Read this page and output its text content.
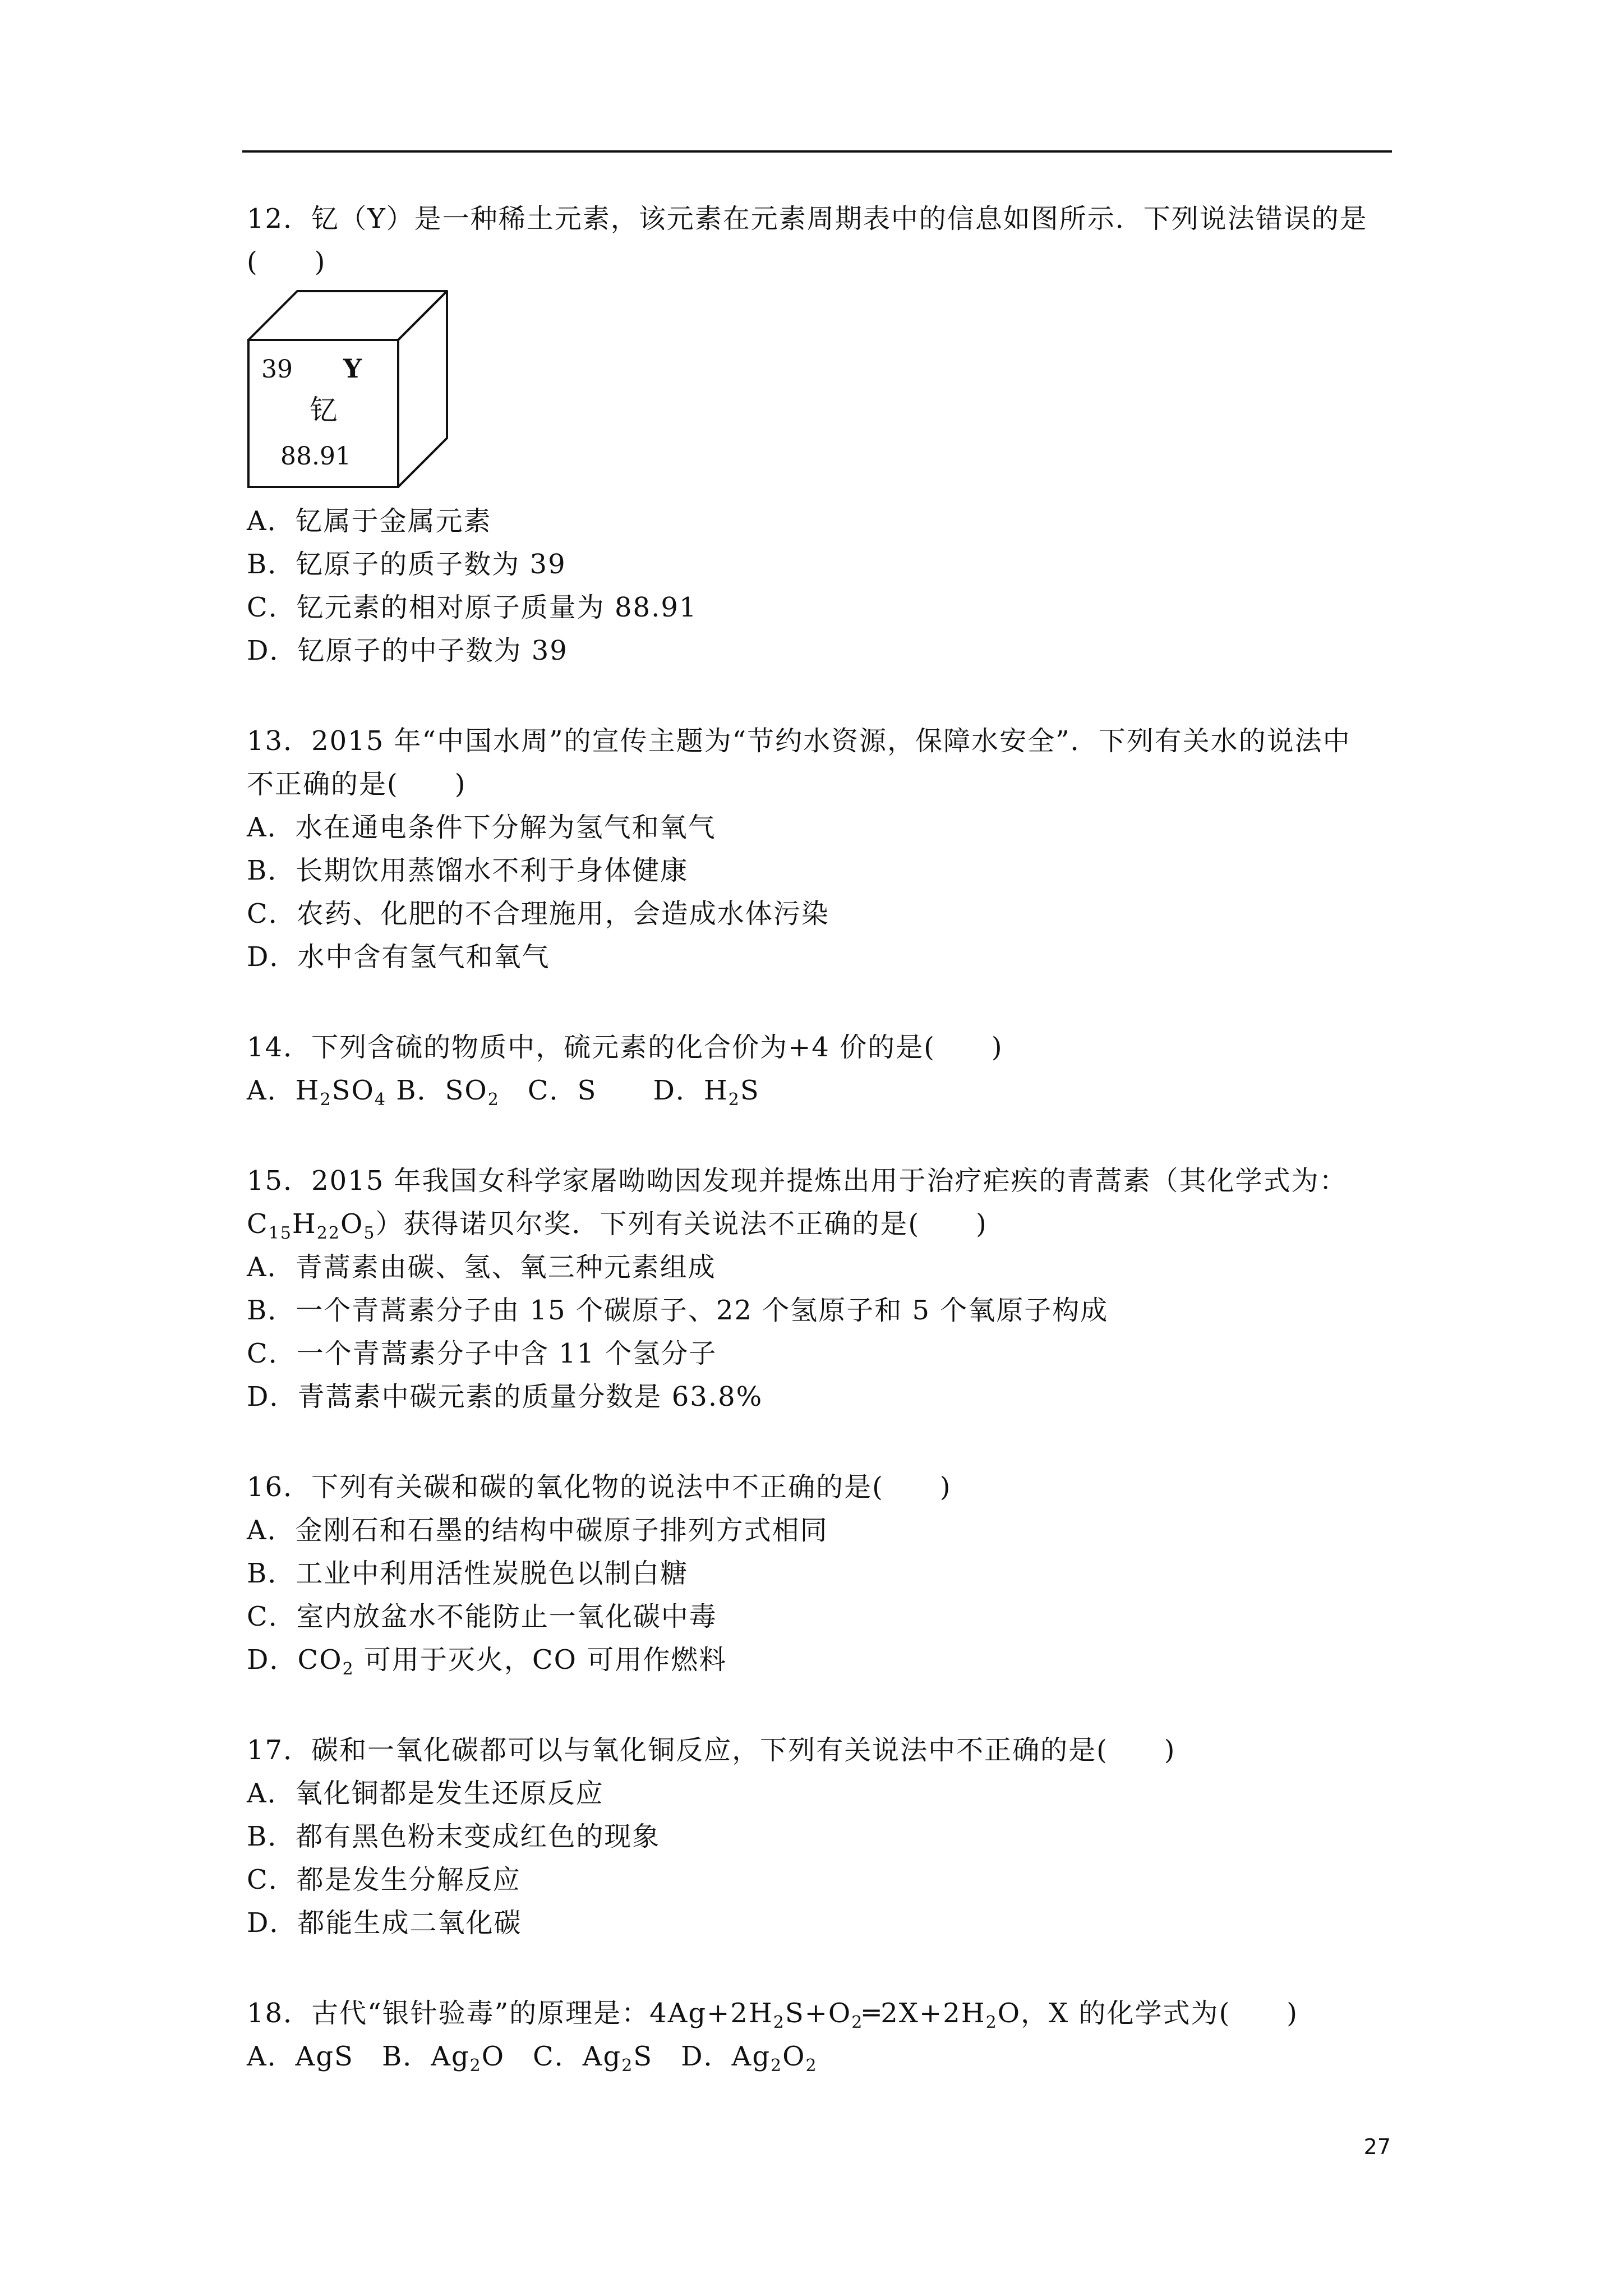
12．钇（Y）是一种稀土元素，该元素在元素周期表中的信息如图所示．下列说法错误的是
(　　)
39 Y
钇
88.91
A．钇属于金属元素
B．钇原子的质子数为 39
C．钇元素的相对原子质量为 88.91
D．钇原子的中子数为 39
13．2015 年“中国水周”的宣传主题为“节约水资源，保障水安全”．下列有关水的说法中
不正确的是(　　)
A．水在通电条件下分解为氢气和氧气
B．长期饮用蒸馏水不利于身体健康
C．农药、化肥的不合理施用，会造成水体污染
D．水中含有氢气和氧气
14．下列含硫的物质中，硫元素的化合价为+4 价的是(　　)
A．$H_2SO_4$ B．$SO_2$　C．S　　D．$H_2S$
15．2015 年我国女科学家屠呦呦因发现并提炼出用于治疗疟疾的青蒿素（其化学式为：
$C_{15}H_{22}O_5$）获得诺贝尔奖．下列有关说法不正确的是(　　)
A．青蒿素由碳、氢、氧三种元素组成
B．一个青蒿素分子由 15 个碳原子、22 个氢原子和 5 个氧原子构成
C．一个青蒿素分子中含 11 个氢分子
D．青蒿素中碳元素的质量分数是 63.8%
16．下列有关碳和碳的氧化物的说法中不正确的是(　　)
A．金刚石和石墨的结构中碳原子排列方式相同
B．工业中利用活性炭脱色以制白糖
C．室内放盆水不能防止一氧化碳中毒
D．$CO_2$ 可用于灭火，CO 可用作燃料
17．碳和一氧化碳都可以与氧化铜反应，下列有关说法中不正确的是(　　)
A．氧化铜都是发生还原反应
B．都有黑色粉末变成红色的现象
C．都是发生分解反应
D．都能生成二氧化碳
18．古代“银针验毒”的原理是：$4Ag+2H_2S+O_2═2X+2H_2O$，X 的化学式为(　　)
A．AgS　B．$Ag_2O$　C．$Ag_2S$　D．$Ag_2O_2$
27
